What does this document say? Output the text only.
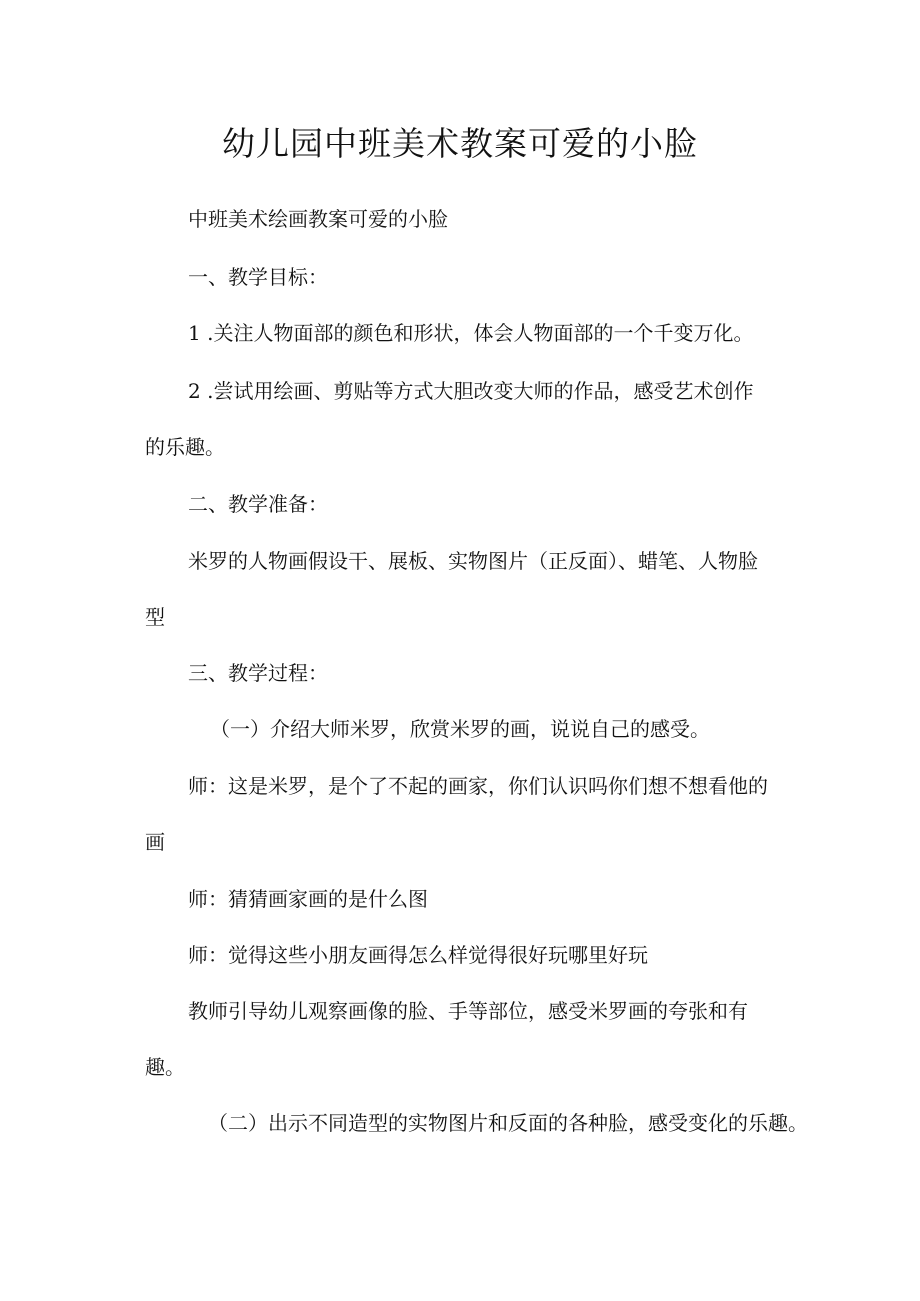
幼儿园中班美术教案可爱的小脸
中班美术绘画教案可爱的小脸
一、教学目标：
1 .关注人物面部的颜色和形状，体会人物面部的一个千变万化。
2 .尝试用绘画、剪贴等方式大胆改变大师的作品，感受艺术创作
的乐趣。
二、教学准备：
米罗的人物画假设干、展板、实物图片（正反面）、蜡笔、人物脸
型
三、教学过程：
（一）介绍大师米罗，欣赏米罗的画，说说自己的感受。
师：这是米罗，是个了不起的画家，你们认识吗你们想不想看他的
画
师：猜猜画家画的是什么图
师：觉得这些小朋友画得怎么样觉得很好玩哪里好玩
教师引导幼儿观察画像的脸、手等部位，感受米罗画的夸张和有
趣。
（二）出示不同造型的实物图片和反面的各种脸，感受变化的乐趣。
